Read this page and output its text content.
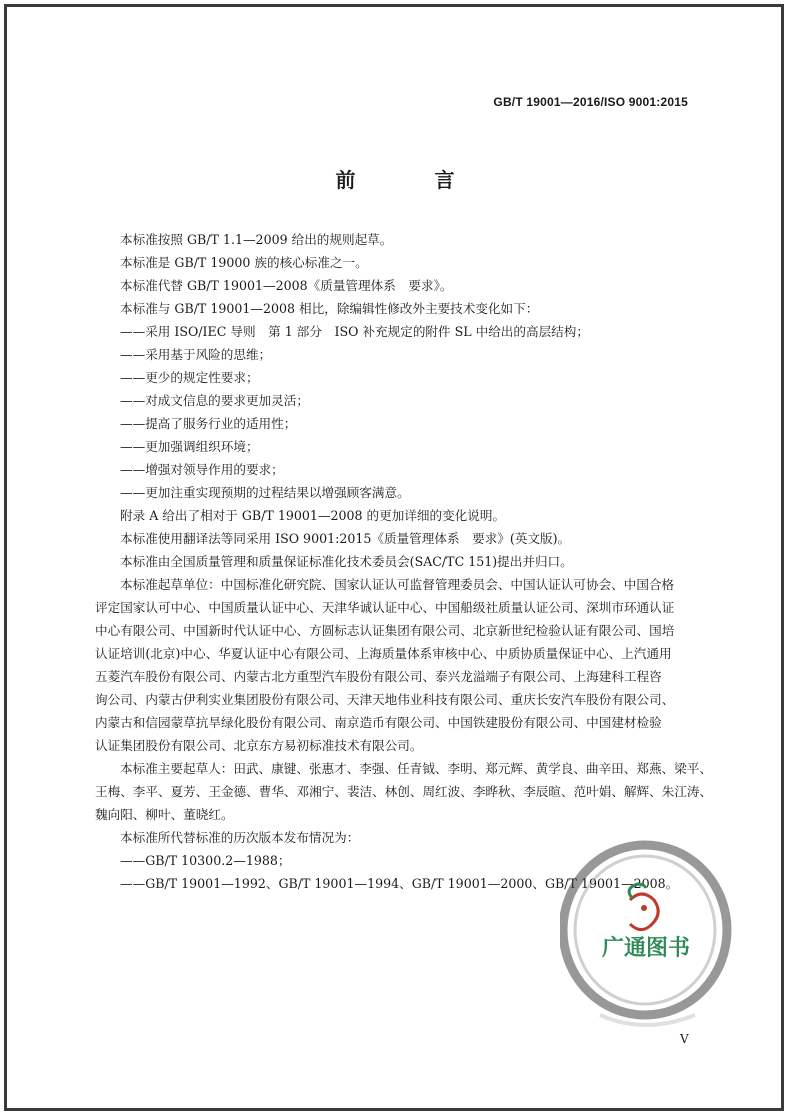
GB/T 19001—2016/ISO 9001:2015
前 言
本标准按照 GB/T 1.1—2009 给出的规则起草。
本标准是 GB/T 19000 族的核心标准之一。
本标准代替 GB/T 19001—2008《质量管理体系　要求》。
本标准与 GB/T 19001—2008 相比，除编辑性修改外主要技术变化如下：
——采用 ISO/IEC 导则　第 1 部分　ISO 补充规定的附件 SL 中给出的高层结构；
——采用基于风险的思维；
——更少的规定性要求；
——对成文信息的要求更加灵活；
——提高了服务行业的适用性；
——更加强调组织环境；
——增强对领导作用的要求；
——更加注重实现预期的过程结果以增强顾客满意。
附录 A 给出了相对于 GB/T 19001—2008 的更加详细的变化说明。
本标准使用翻译法等同采用 ISO 9001:2015《质量管理体系　要求》(英文版)。
本标准由全国质量管理和质量保证标准化技术委员会(SAC/TC 151)提出并归口。
本标准起草单位：中国标准化研究院、国家认证认可监督管理委员会、中国认证认可协会、中国合格
评定国家认可中心、中国质量认证中心、天津华诚认证中心、中国船级社质量认证公司、深圳市环通认证
中心有限公司、中国新时代认证中心、方圆标志认证集团有限公司、北京新世纪检验认证有限公司、国培
认证培训(北京)中心、华夏认证中心有限公司、上海质量体系审核中心、中质协质量保证中心、上汽通用
五菱汽车股份有限公司、内蒙古北方重型汽车股份有限公司、泰兴龙溢端子有限公司、上海建科工程咨
询公司、内蒙古伊利实业集团股份有限公司、天津天地伟业科技有限公司、重庆长安汽车股份有限公司、
内蒙古和信园蒙草抗旱绿化股份有限公司、南京造币有限公司、中国铁建股份有限公司、中国建材检验
认证集团股份有限公司、北京东方易初标准技术有限公司。
本标准主要起草人：田武、康键、张惠才、李强、任青钺、李明、郑元辉、黄学良、曲辛田、郑燕、梁平、
王梅、李平、夏芳、王金德、曹华、邓湘宁、裴洁、林创、周红波、李晔秋、李辰暄、范叶娟、解辉、朱江涛、
魏向阳、柳叶、董晓红。
本标准所代替标准的历次版本发布情况为：
——GB/T 10300.2—1988；
——GB/T 19001—1992、GB/T 19001—1994、GB/T 19001—2000、GB/T 19001—2008。
广通图书
V
